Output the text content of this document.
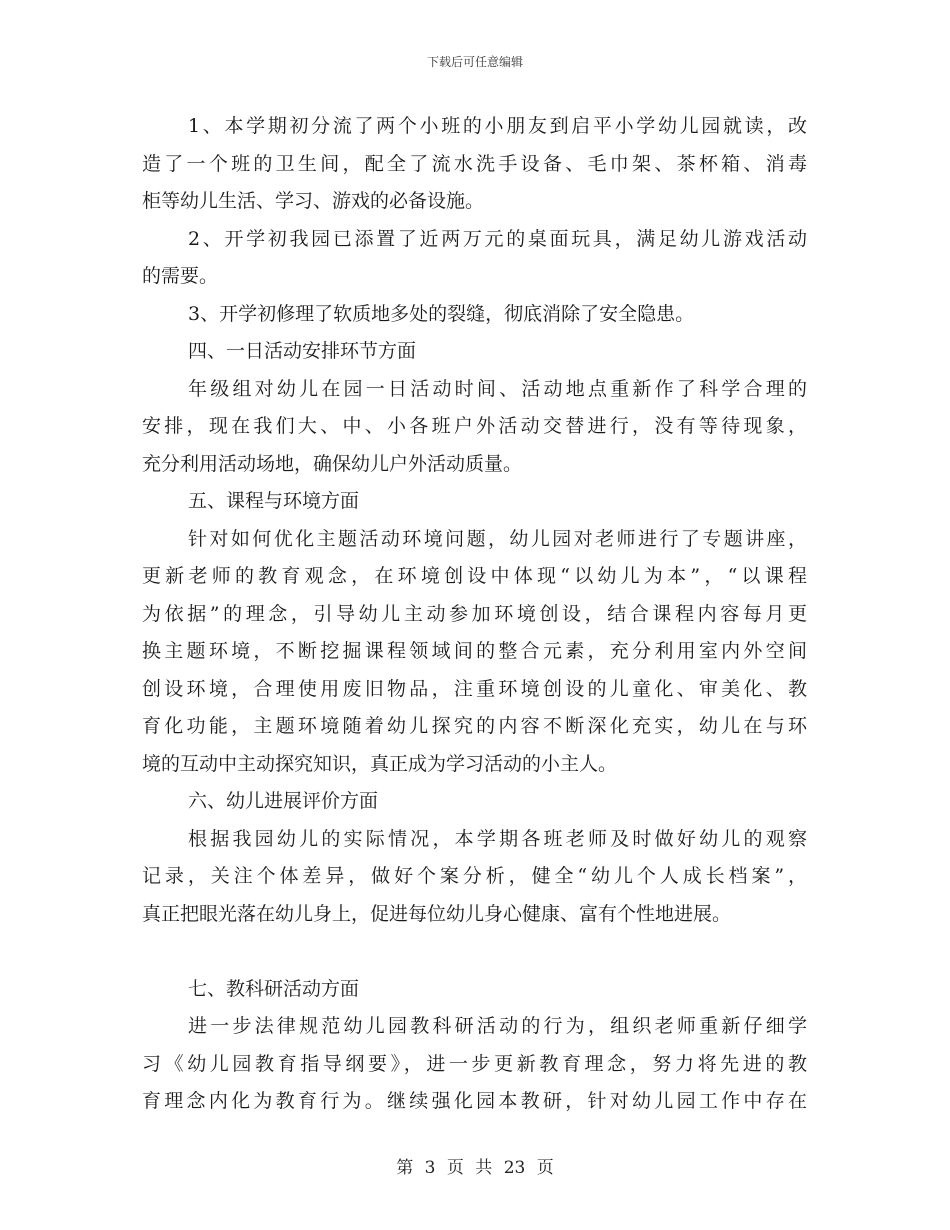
下载后可任意编辑
1、本学期初分流了两个小班的小朋友到启平小学幼儿园就读，改
造了一个班的卫生间，配全了流水洗手设备、毛巾架、茶杯箱、消毒
柜等幼儿生活、学习、游戏的必备设施。
2、开学初我园已添置了近两万元的桌面玩具，满足幼儿游戏活动
的需要。
3、开学初修理了软质地多处的裂缝，彻底消除了安全隐患。
四、一日活动安排环节方面
年级组对幼儿在园一日活动时间、活动地点重新作了科学合理的
安排，现在我们大、中、小各班户外活动交替进行，没有等待现象，
充分利用活动场地，确保幼儿户外活动质量。
五、课程与环境方面
针对如何优化主题活动环境问题，幼儿园对老师进行了专题讲座，
更新老师的教育观念，在环境创设中体现“以幼儿为本”，“以课程
为依据”的理念，引导幼儿主动参加环境创设，结合课程内容每月更
换主题环境，不断挖掘课程领域间的整合元素，充分利用室内外空间
创设环境，合理使用废旧物品，注重环境创设的儿童化、审美化、教
育化功能，主题环境随着幼儿探究的内容不断深化充实，幼儿在与环
境的互动中主动探究知识，真正成为学习活动的小主人。
六、幼儿进展评价方面
根据我园幼儿的实际情况，本学期各班老师及时做好幼儿的观察
记录，关注个体差异，做好个案分析，健全“幼儿个人成长档案”，
真正把眼光落在幼儿身上，促进每位幼儿身心健康、富有个性地进展。
七、教科研活动方面
进一步法律规范幼儿园教科研活动的行为，组织老师重新仔细学
习《幼儿园教育指导纲要》，进一步更新教育理念，努力将先进的教
育理念内化为教育行为。继续强化园本教研，针对幼儿园工作中存在
第 3 页 共 23 页
